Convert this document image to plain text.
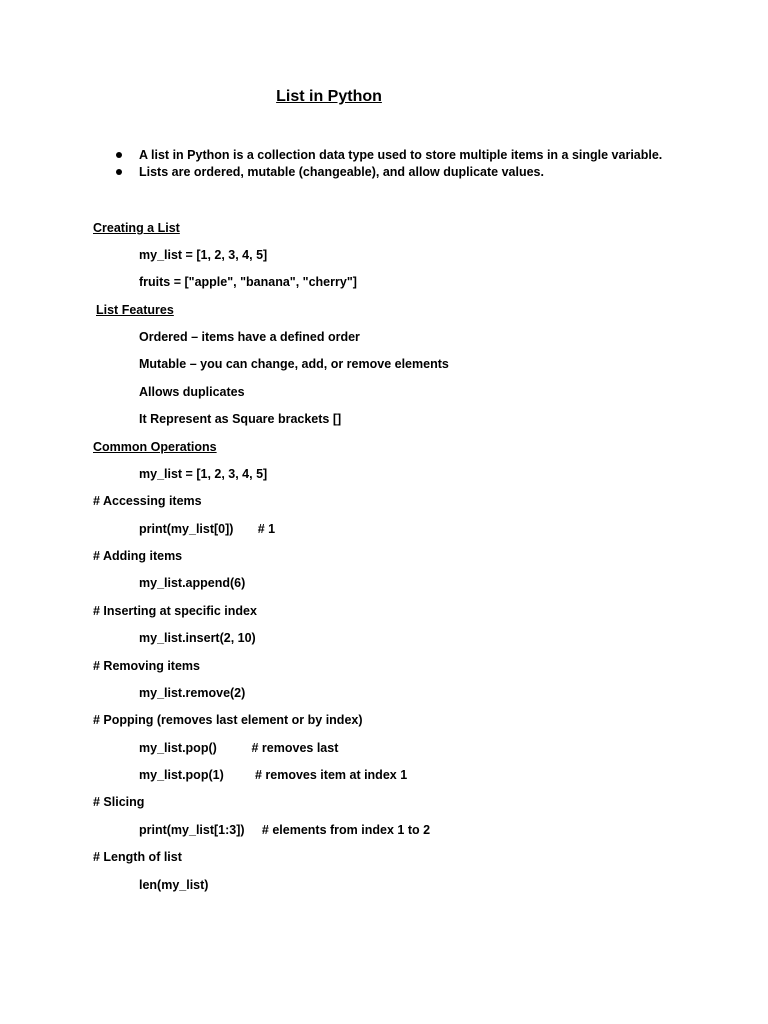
List in Python
A list in Python is a collection data type used to store multiple items in a single variable.
Lists are ordered, mutable (changeable), and allow duplicate values.
Creating a List
my_list = [1, 2, 3, 4, 5]
fruits = ["apple", "banana", "cherry"]
List Features
Ordered – items have a defined order
Mutable – you can change, add, or remove elements
Allows duplicates
It Represent as Square brackets []
Common Operations
my_list = [1, 2, 3, 4, 5]
# Accessing items
print(my_list[0])       # 1
# Adding items
my_list.append(6)
# Inserting at specific index
my_list.insert(2, 10)
# Removing items
my_list.remove(2)
# Popping (removes last element or by index)
my_list.pop()          # removes last
my_list.pop(1)         # removes item at index 1
# Slicing
print(my_list[1:3])     # elements from index 1 to 2
# Length of list
len(my_list)
